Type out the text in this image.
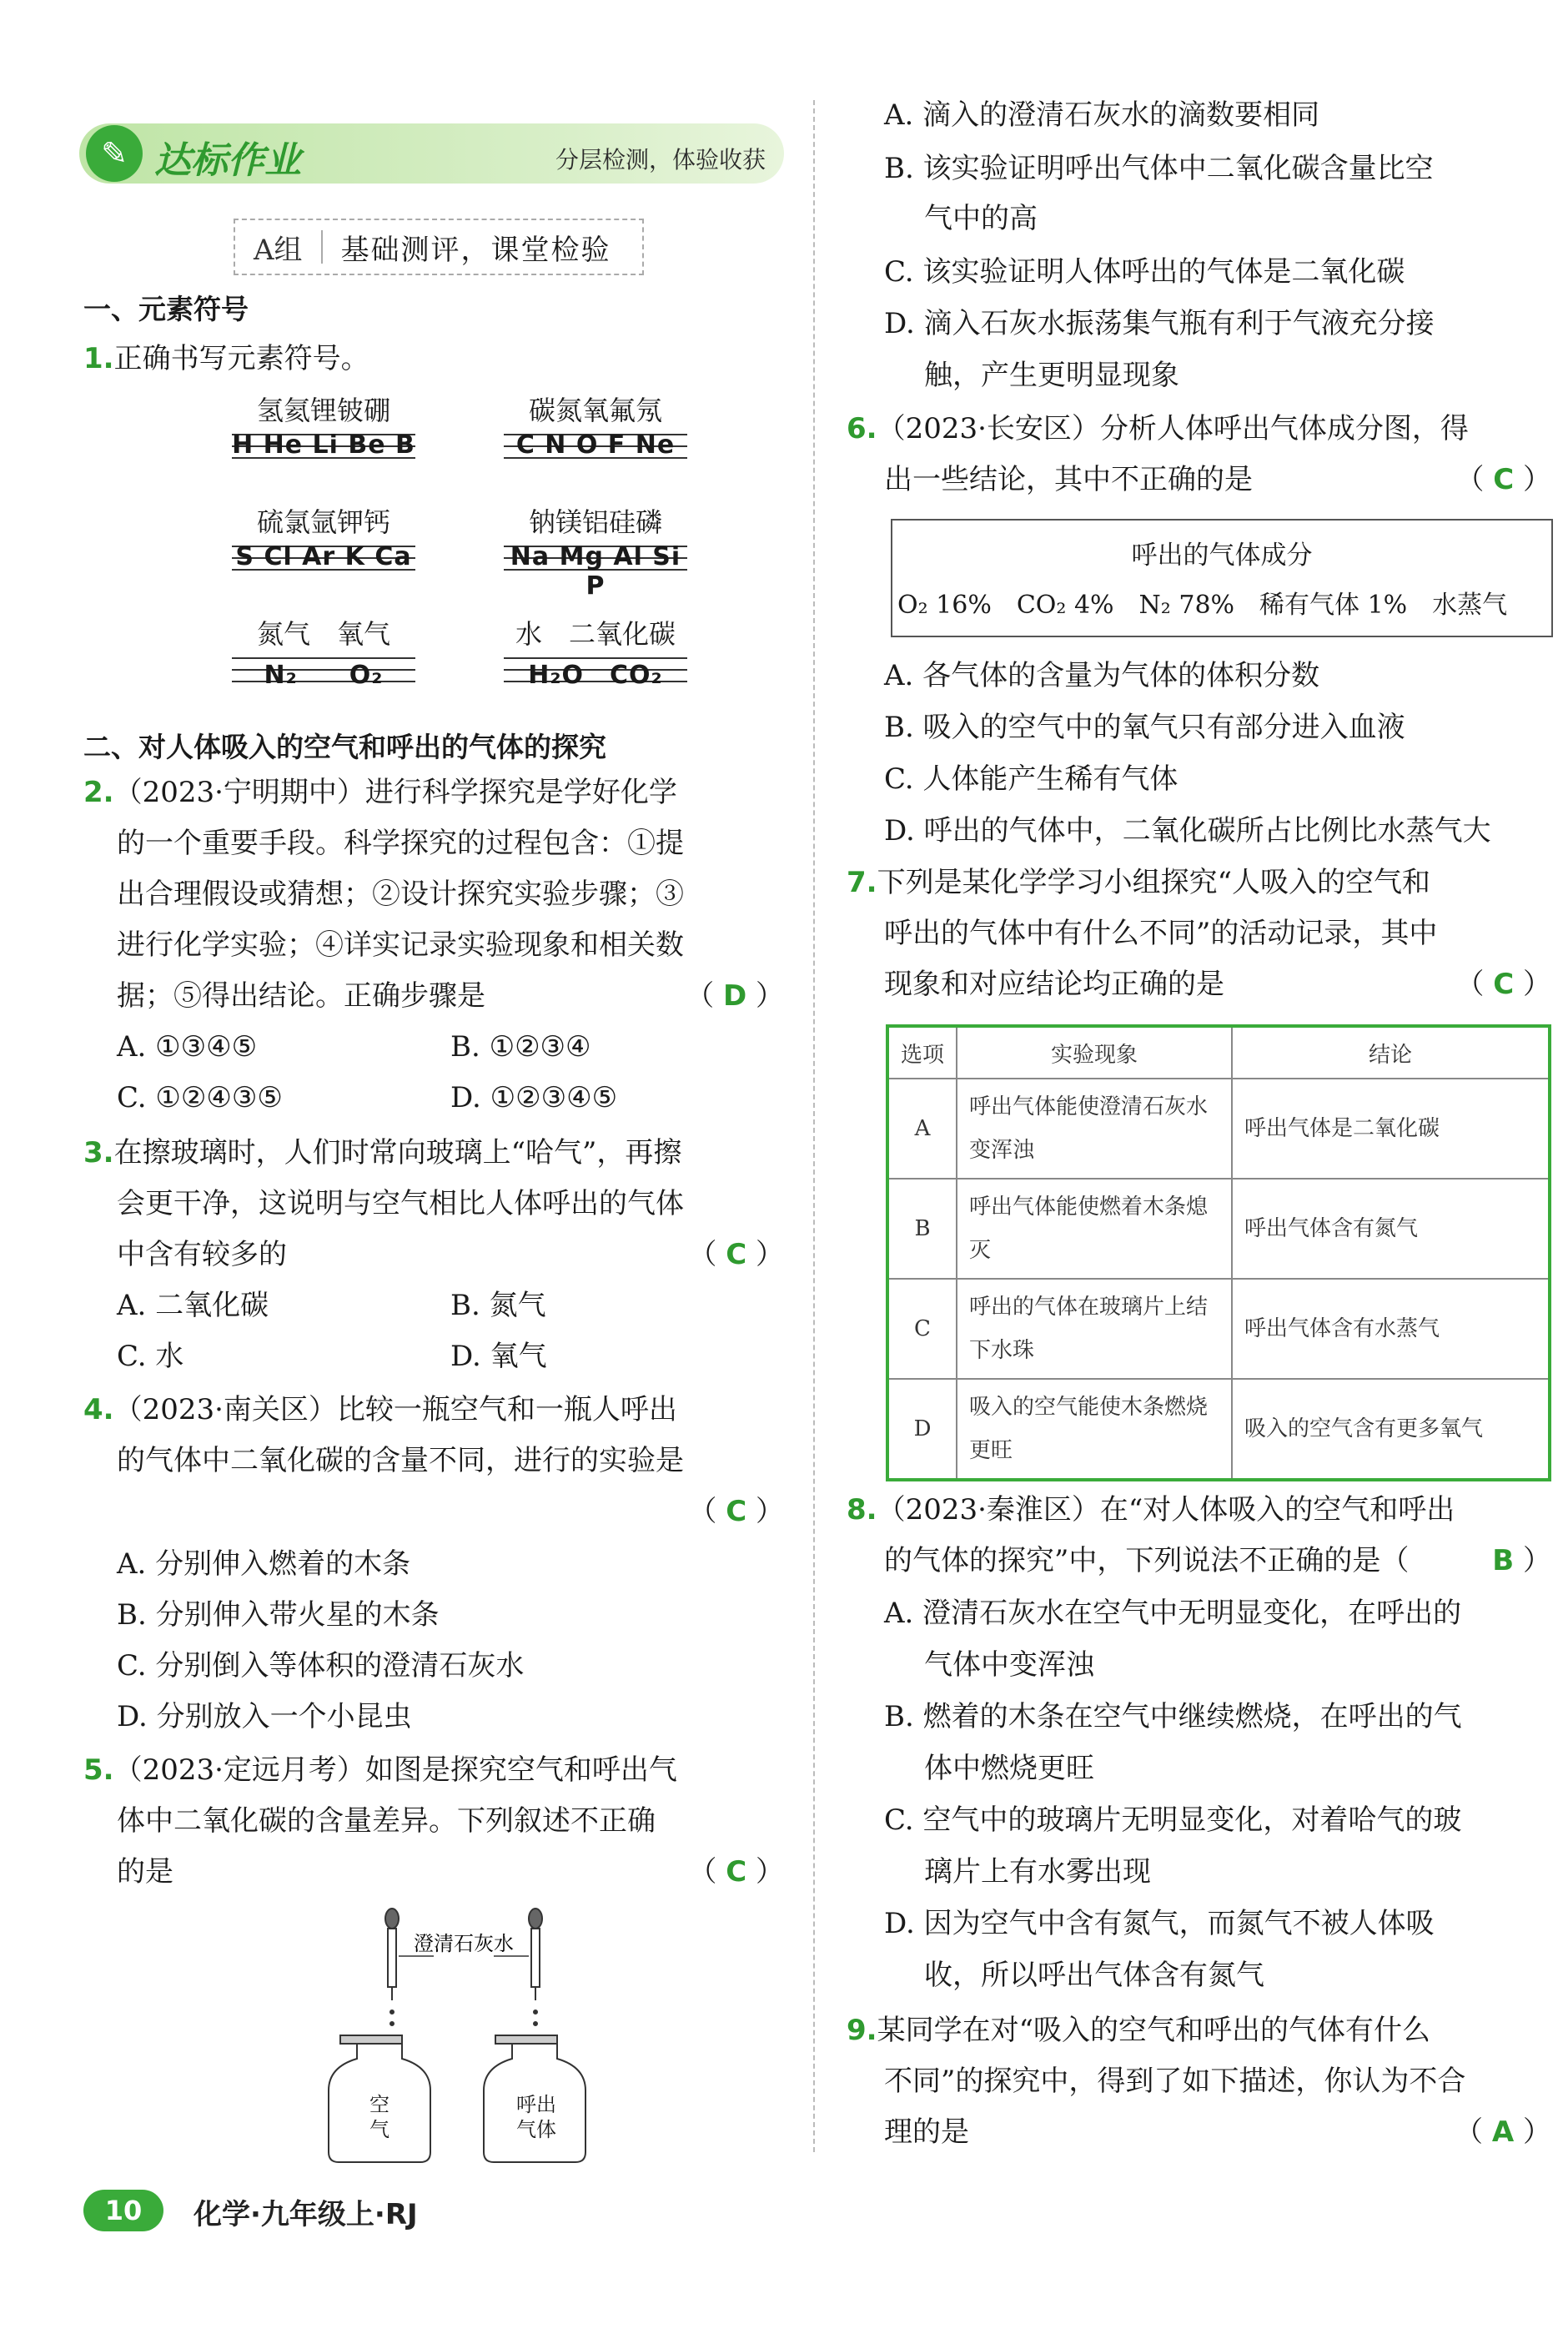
✎ 达标作业	分层检测，体验收获
A组	基础测评，课堂检验
一、元素符号
1.正确书写元素符号。
氢氦锂铍硼
H He Li Be B
碳氮氧氟氖
C N O F Ne
硫氯氩钾钙
S Cl Ar K Ca
钠镁铝硅磷
Na Mg Al Si P
氮气　氧气
N₂　　O₂
水　二氧化碳
H₂O　CO₂
二、对人体吸入的空气和呼出的气体的探究
2.（2023·宁明期中）进行科学探究是学好化学
的一个重要手段。科学探究的过程包含：①提
出合理假设或猜想；②设计探究实验步骤；③
进行化学实验；④详实记录实验现象和相关数
据；⑤得出结论。正确步骤是	（ D ）
A. ①③④⑤	B. ①②③④
C. ①②④③⑤	D. ①②③④⑤
3.在擦玻璃时，人们时常向玻璃上“哈气”，再擦
会更干净，这说明与空气相比人体呼出的气体
中含有较多的	（ C ）
A. 二氧化碳	B. 氮气
C. 水	D. 氧气
4.（2023·南关区）比较一瓶空气和一瓶人呼出
的气体中二氧化碳的含量不同，进行的实验是
（ C ）
A. 分别伸入燃着的木条
B. 分别伸入带火星的木条
C. 分别倒入等体积的澄清石灰水
D. 分别放入一个小昆虫
5.（2023·定远月考）如图是探究空气和呼出气
体中二氧化碳的含量差异。下列叙述不正确
的是	（ C ）
澄清石灰水
空气
呼出气体
A. 滴入的澄清石灰水的滴数要相同
B. 该实验证明呼出气体中二氧化碳含量比空
气中的高
C. 该实验证明人体呼出的气体是二氧化碳
D. 滴入石灰水振荡集气瓶有利于气液充分接
触，产生更明显现象
6.（2023·长安区）分析人体呼出气体成分图，得
出一些结论，其中不正确的是	（ C ）
呼出的气体成分
O₂ 16%　CO₂ 4%　N₂ 78%　稀有气体 1%　水蒸气
A. 各气体的含量为气体的体积分数
B. 吸入的空气中的氧气只有部分进入血液
C. 人体能产生稀有气体
D. 呼出的气体中，二氧化碳所占比例比水蒸气大
7.下列是某化学学习小组探究“人吸入的空气和
呼出的气体中有什么不同”的活动记录，其中
现象和对应结论均正确的是	（ C ）
选项	实验现象	结论
A	呼出气体能使澄清石灰水变浑浊	呼出气体是二氧化碳
B	呼出气体能使燃着木条熄灭	呼出气体含有氮气
C	呼出的气体在玻璃片上结下水珠	呼出气体含有水蒸气
D	吸入的空气能使木条燃烧更旺	吸入的空气含有更多氧气
8.（2023·秦淮区）在“对人体吸入的空气和呼出
的气体的探究”中，下列说法不正确的是（	B ）
A. 澄清石灰水在空气中无明显变化，在呼出的
气体中变浑浊
B. 燃着的木条在空气中继续燃烧，在呼出的气
体中燃烧更旺
C. 空气中的玻璃片无明显变化，对着哈气的玻
璃片上有水雾出现
D. 因为空气中含有氮气，而氮气不被人体吸
收，所以呼出气体含有氮气
9.某同学在对“吸入的空气和呼出的气体有什么
不同”的探究中，得到了如下描述，你认为不合
理的是	（ A ）
10	化学·九年级上·RJ
